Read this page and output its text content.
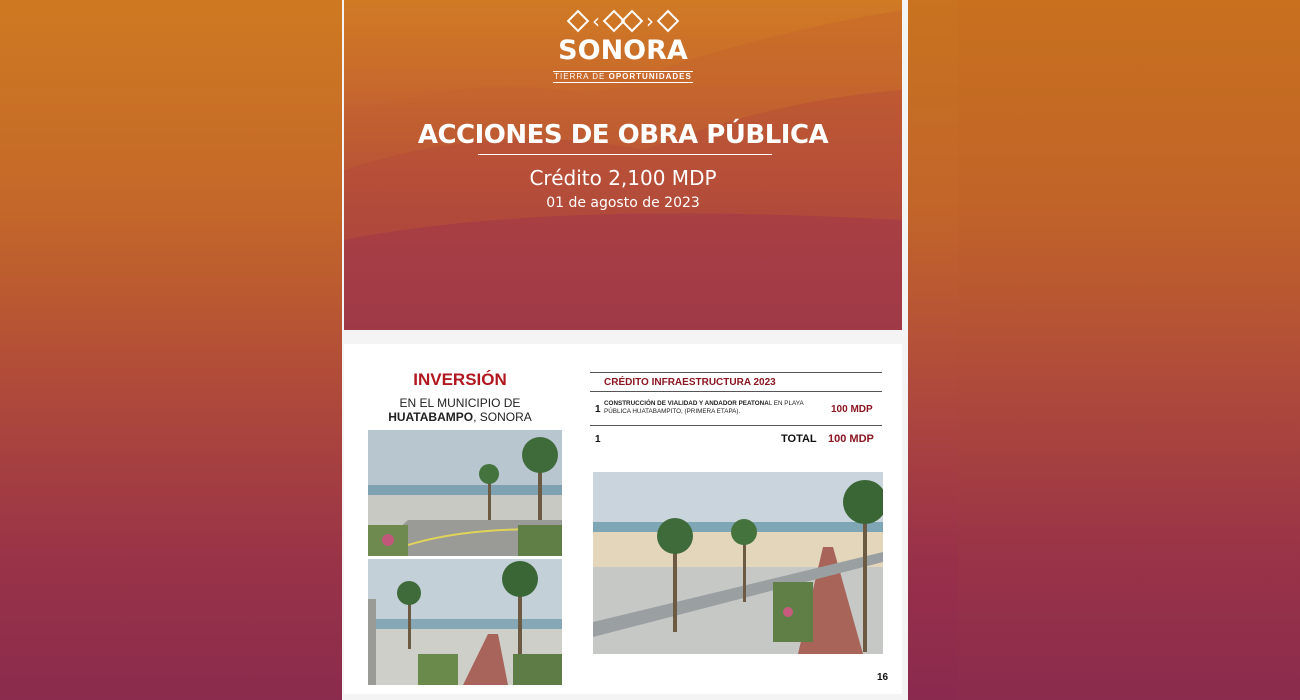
‹ ›
SONORA
TIERRA DE OPORTUNIDADES
ACCIONES DE OBRA PÚBLICA
Crédito 2,100 MDP
01 de agosto de 2023
INVERSIÓN
EN EL MUNICIPIO DE
HUATABAMPO, SONORA
CRÉDITO INFRAESTRUCTURA 2023
1
CONSTRUCCIÓN DE VIALIDAD Y ANDADOR PEATONAL EN PLAYA PÚBLICA HUATABAMPITO, (PRIMERA ETAPA).	100 MDP
1	TOTAL 100 MDP
16
